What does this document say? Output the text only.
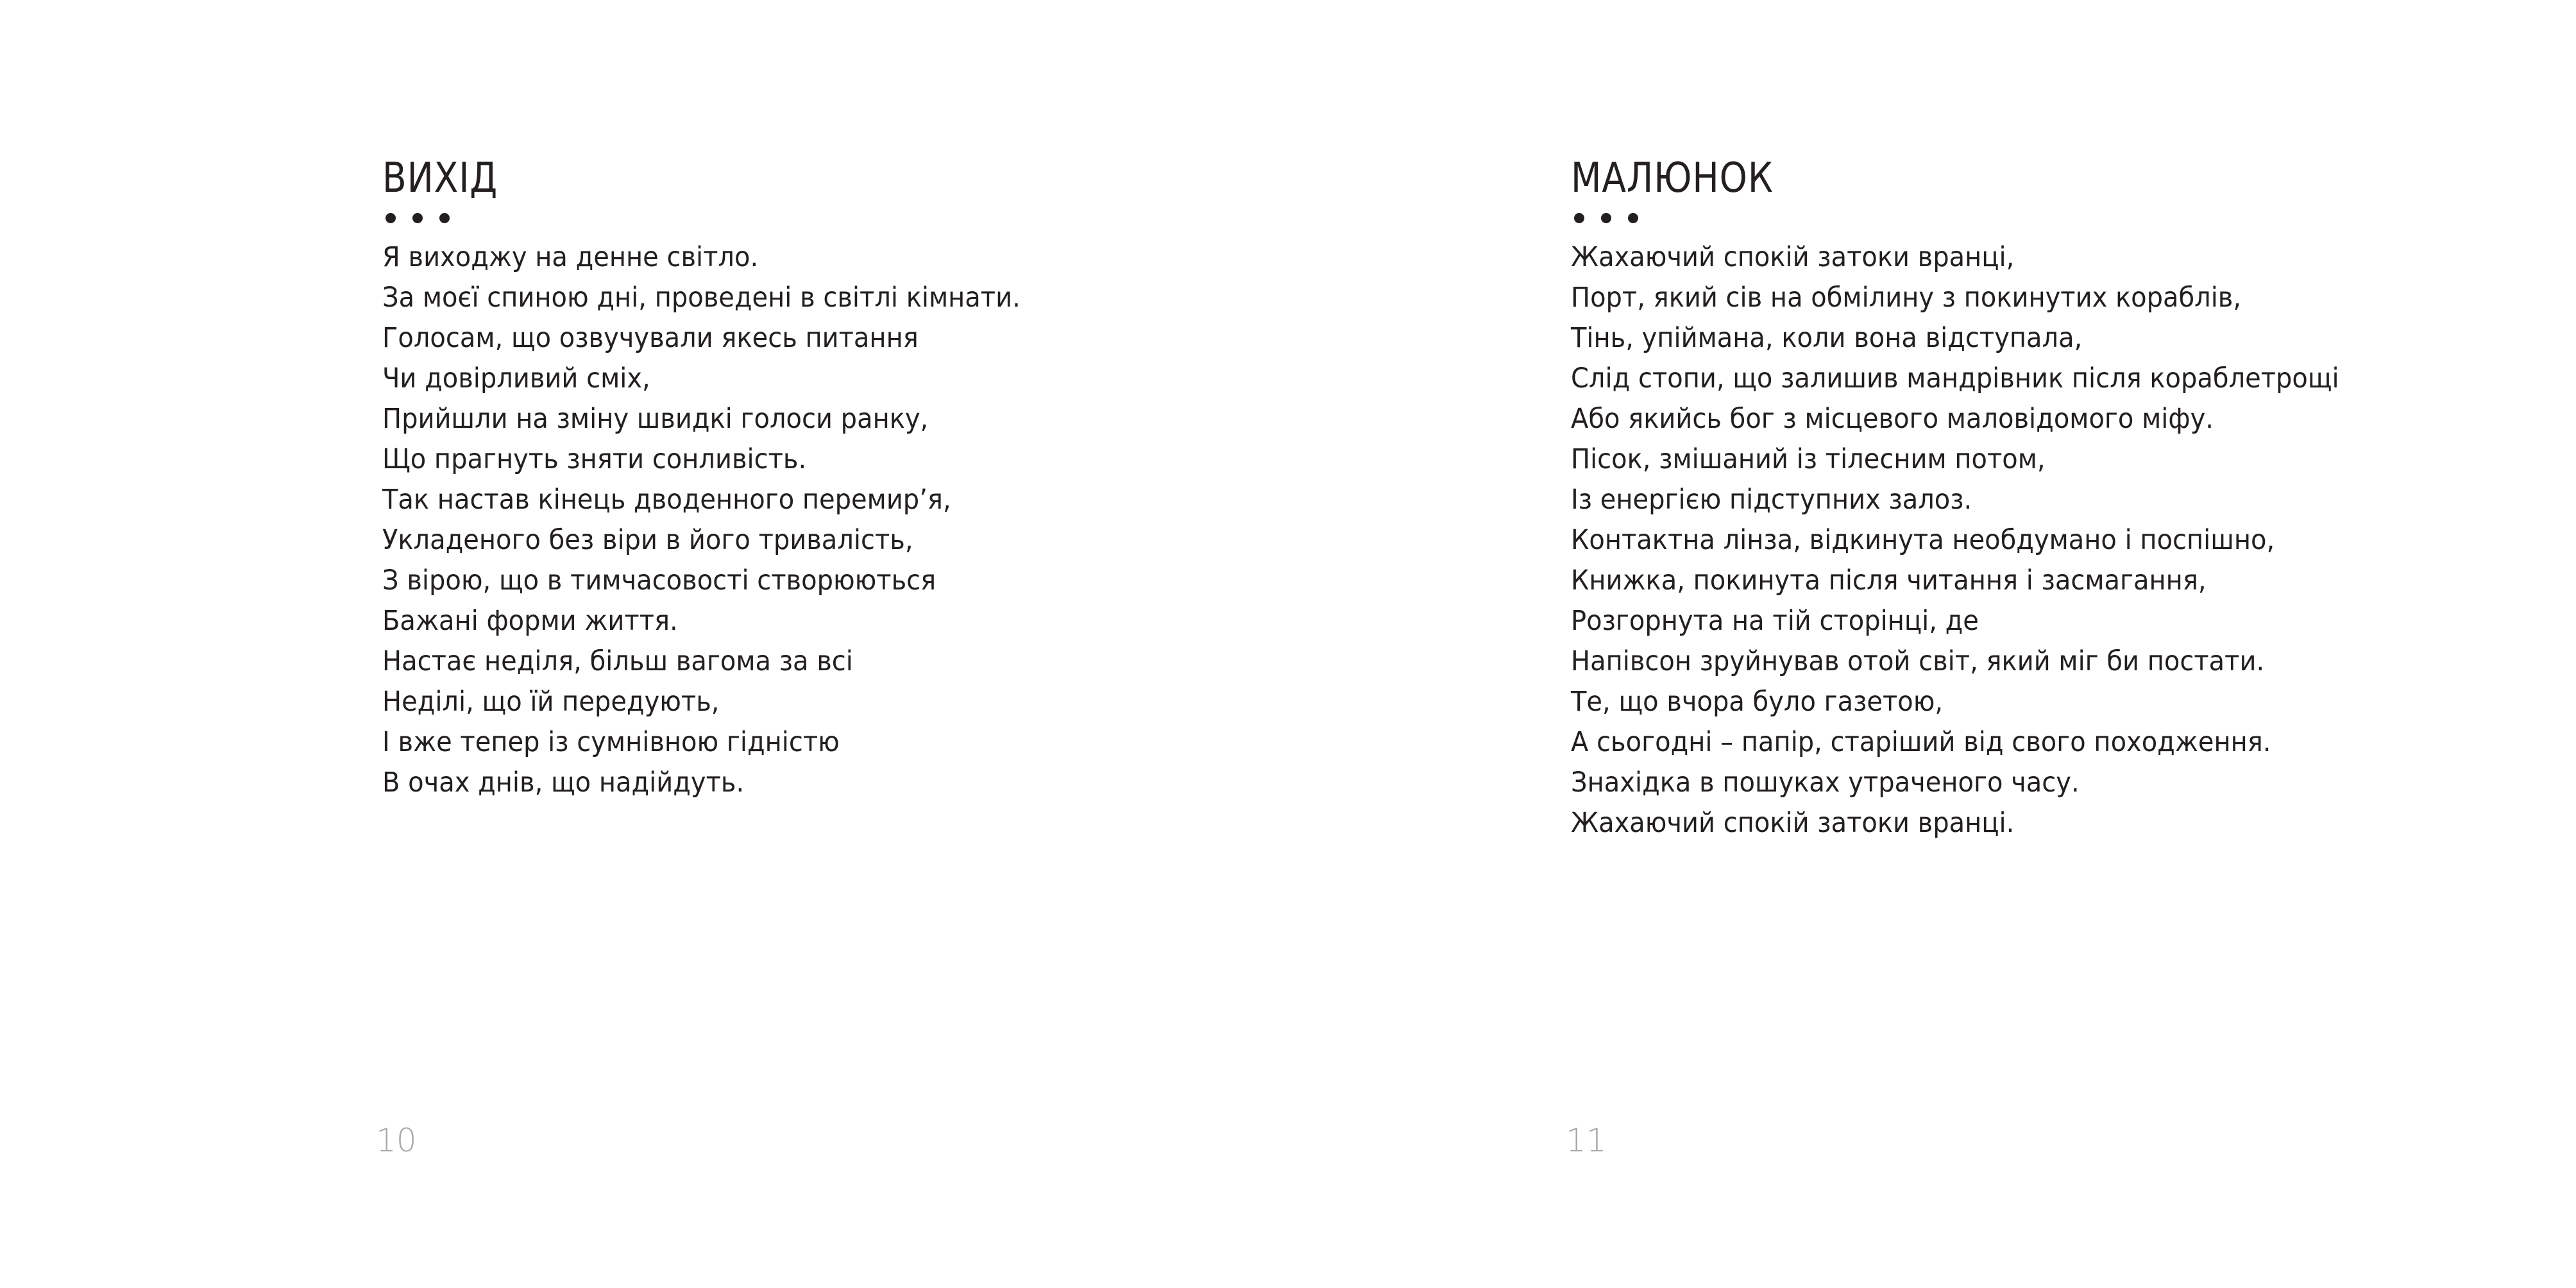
ВИХІД
Я виходжу на денне світло.
За моєї спиною дні, проведені в світлі кімнати.
Голосам, що озвучували якесь питання
Чи довірливий сміх,
Прийшли на зміну швидкі голоси ранку,
Що прагнуть зняти сонливість.
Так настав кінець дводенного перемир’я,
Укладеного без віри в його тривалість,
З вірою, що в тимчасовості створюються
Бажані форми життя.
Настає неділя, більш вагома за всі
Неділі, що їй передують,
І вже тепер із сумнівною гідністю
В очах днів, що надійдуть.
10
МАЛЮНОК
Жахаючий спокій затоки вранці,
Порт, який сів на обмілину з покинутих кораблів,
Тінь, упіймана, коли вона відступала,
Слід стопи, що залишив мандрівник після кораблетрощі
Або якийсь бог з місцевого маловідомого міфу.
Пісок, змішаний із тілесним потом,
Із енергією підступних залоз.
Контактна лінза, відкинута необдумано і поспішно,
Книжка, покинута після читання і засмагання,
Розгорнута на тій сторінці, де
Напівсон зруйнував отой світ, який міг би постати.
Те, що вчора було газетою,
А сьогодні – папір, старіший від свого походження.
Знахідка в пошуках утраченого часу.
Жахаючий спокій затоки вранці.
11
